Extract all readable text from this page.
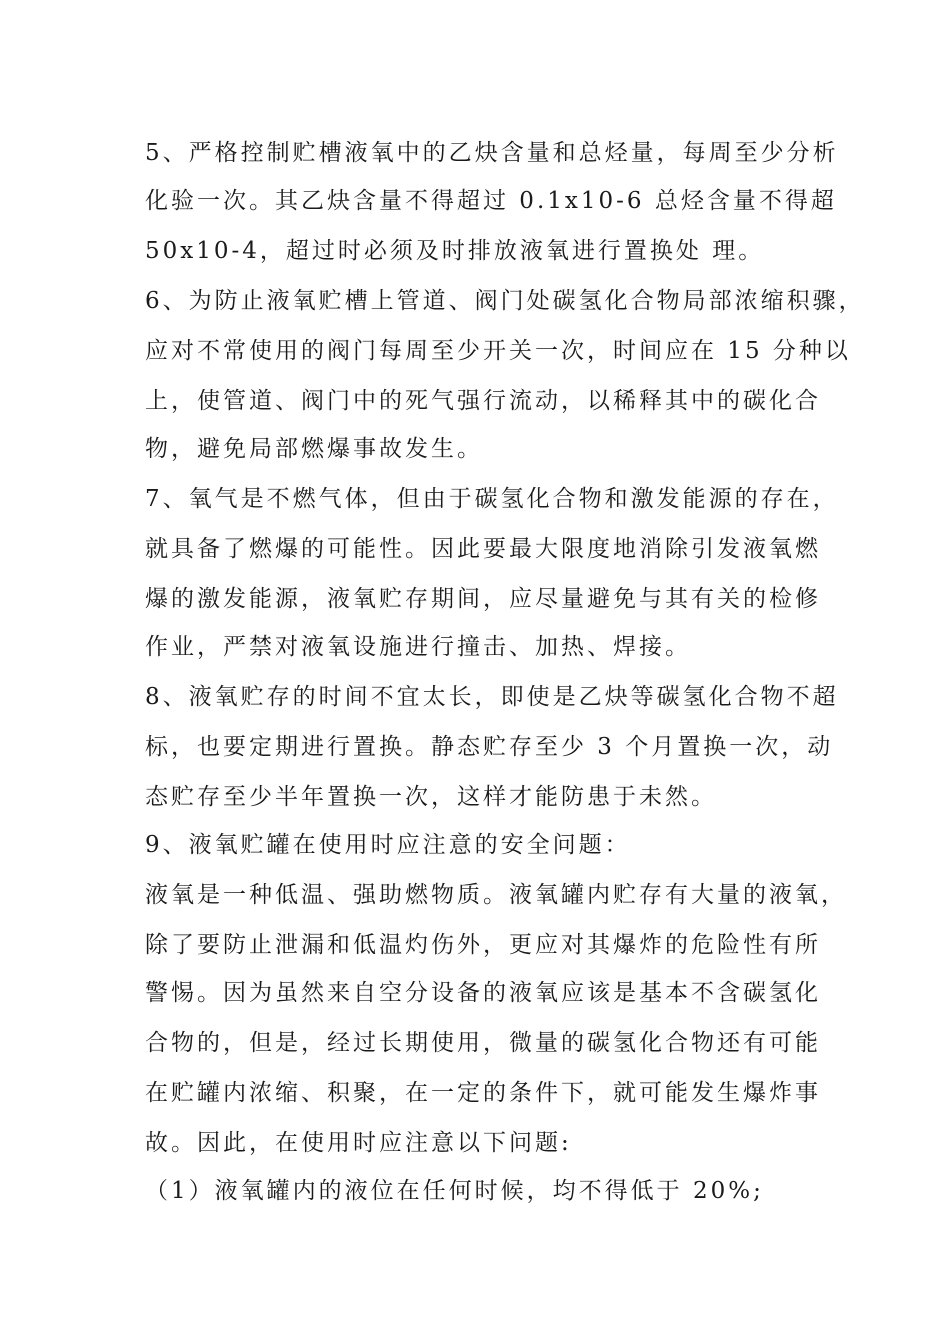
5、严格控制贮槽液氧中的乙炔含量和总烃量，每周至少分析
化验一次。其乙炔含量不得超过 0.1x10-6 总烃含量不得超
50x10-4，超过时必须及时排放液氧进行置换处 理。
6、为防止液氧贮槽上管道、阀门处碳氢化合物局部浓缩积骤，
应对不常使用的阀门每周至少开关一次，时间应在 15 分种以
上，使管道、阀门中的死气强行流动，以稀释其中的碳化合
物，避免局部燃爆事故发生。
7、氧气是不燃气体，但由于碳氢化合物和激发能源的存在，
就具备了燃爆的可能性。因此要最大限度地消除引发液氧燃
爆的激发能源，液氧贮存期间，应尽量避免与其有关的检修
作业，严禁对液氧设施进行撞击、加热、焊接。
8、液氧贮存的时间不宜太长，即使是乙炔等碳氢化合物不超
标，也要定期进行置换。静态贮存至少 3 个月置换一次，动
态贮存至少半年置换一次，这样才能防患于未然。
9、液氧贮罐在使用时应注意的安全问题：
液氧是一种低温、强助燃物质。液氧罐内贮存有大量的液氧，
除了要防止泄漏和低温灼伤外，更应对其爆炸的危险性有所
警惕。因为虽然来自空分设备的液氧应该是基本不含碳氢化
合物的，但是，经过长期使用，微量的碳氢化合物还有可能
在贮罐内浓缩、积聚，在一定的条件下，就可能发生爆炸事
故。因此，在使用时应注意以下问题:
（1）液氧罐内的液位在任何时候，均不得低于 20%;
